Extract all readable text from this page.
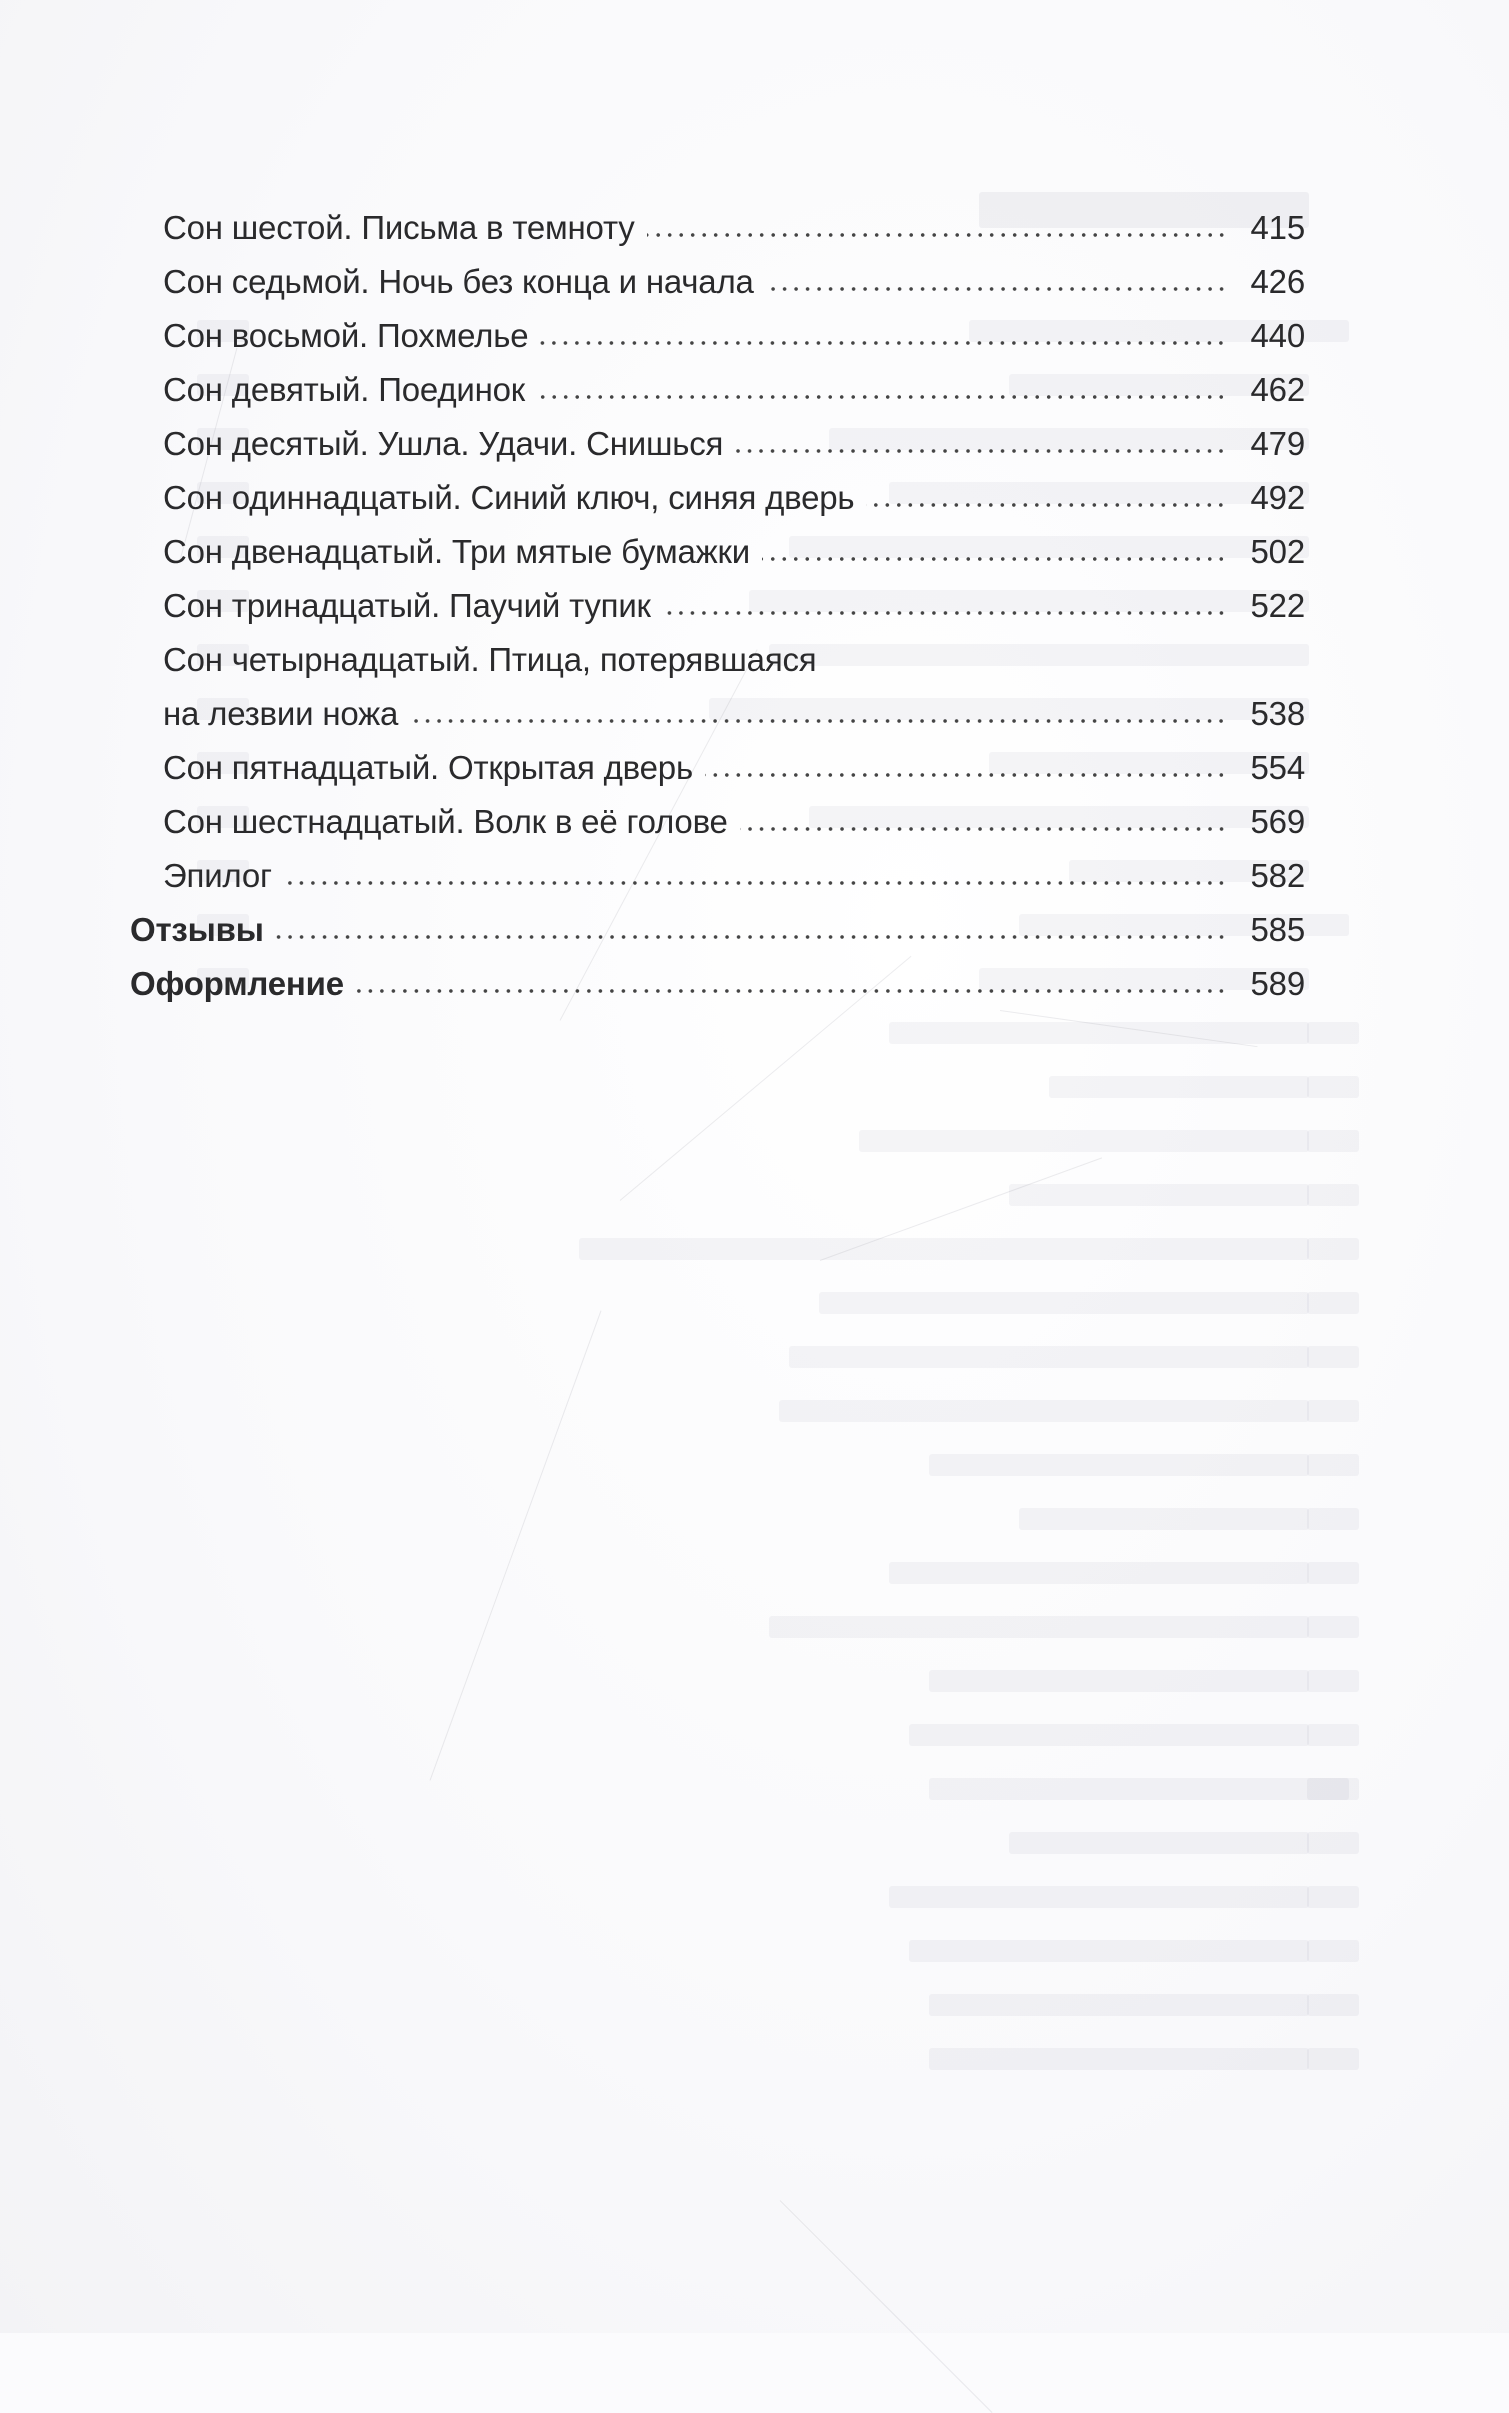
Сон шестой. Письма в темноту	415
Сон седьмой. Ночь без конца и начала	426
Сон восьмой. Похмелье	440
Сон девятый. Поединок	462
Сон десятый. Ушла. Удачи. Снишься	479
Сон одиннадцатый. Синий ключ, синяя дверь	492
Сон двенадцатый. Три мятые бумажки	502
Сон тринадцатый. Паучий тупик	522
Сон четырнадцатый. Птица, потерявшаяся
на лезвии ножа	538
Сон пятнадцатый. Открытая дверь	554
Сон шестнадцатый. Волк в её голове	569
Эпилог	582
Отзывы	585
Оформление	589
